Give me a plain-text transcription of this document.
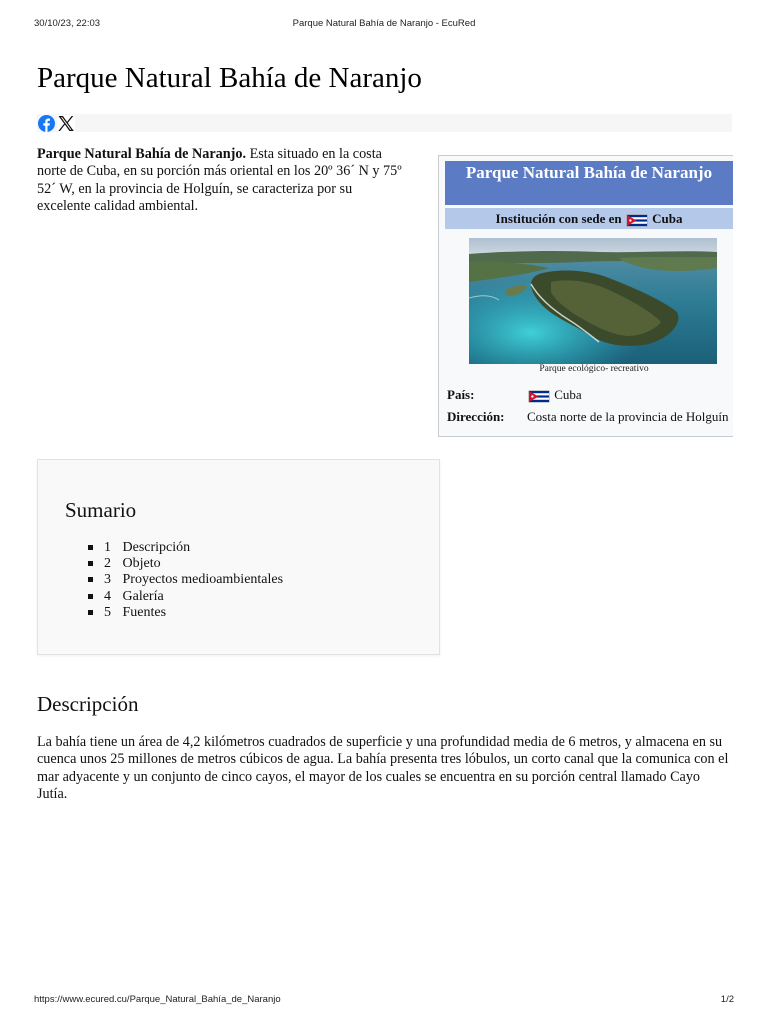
30/10/23, 22:03	Parque Natural Bahía de Naranjo - EcuRed
Parque Natural Bahía de Naranjo
Parque Natural Bahía de Naranjo. Esta situado en la costa norte de Cuba, en su porción más oriental en los 20º 36´ N y 75º 52´ W, en la provincia de Holguín, se caracteriza por su excelente calidad ambiental.
Parque Natural Bahía de Naranjo
Institución con sede en Cuba
Parque ecológico- recreativo
País:	Cuba
Dirección: Costa norte de la provincia de Holguín
Sumario
1 Descripción
2 Objeto
3 Proyectos medioambientales
4 Galería
5 Fuentes
Descripción
La bahía tiene un área de 4,2 kilómetros cuadrados de superficie y una profundidad media de 6 metros, y almacena en su cuenca unos 25 millones de metros cúbicos de agua. La bahía presenta tres lóbulos, un corto canal que la comunica con el mar adyacente y un conjunto de cinco cayos, el mayor de los cuales se encuentra en su porción central llamado Cayo Jutía.
https://www.ecured.cu/Parque_Natural_Bahía_de_Naranjo	1/2
